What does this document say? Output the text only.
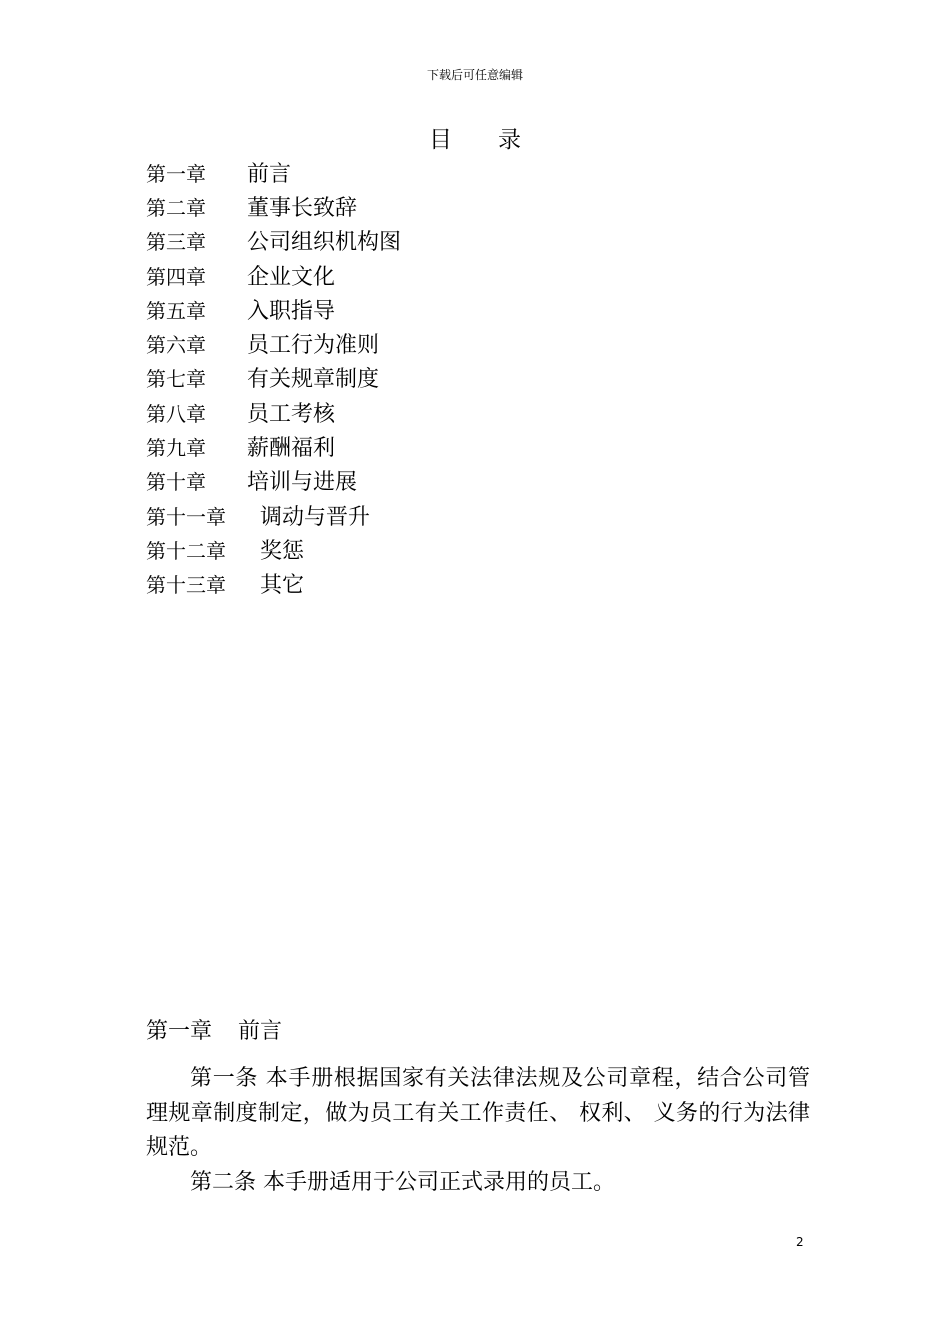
下载后可任意编辑
目　　录
第一章	前言
第二章	董事长致辞
第三章	公司组织机构图
第四章	企业文化
第五章	入职指导
第六章	员工行为准则
第七章	有关规章制度
第八章	员工考核
第九章	薪酬福利
第十章	培训与进展
第十一章	调动与晋升
第十二章	奖惩
第十三章	其它
第一章 前言

第一条 本手册根据国家有关法律法规及公司章程，结合公司管理规章制度制定，做为员工有关工作责任、 权利、 义务的行为法律规范。

第二条 本手册适用于公司正式录用的员工。

2
